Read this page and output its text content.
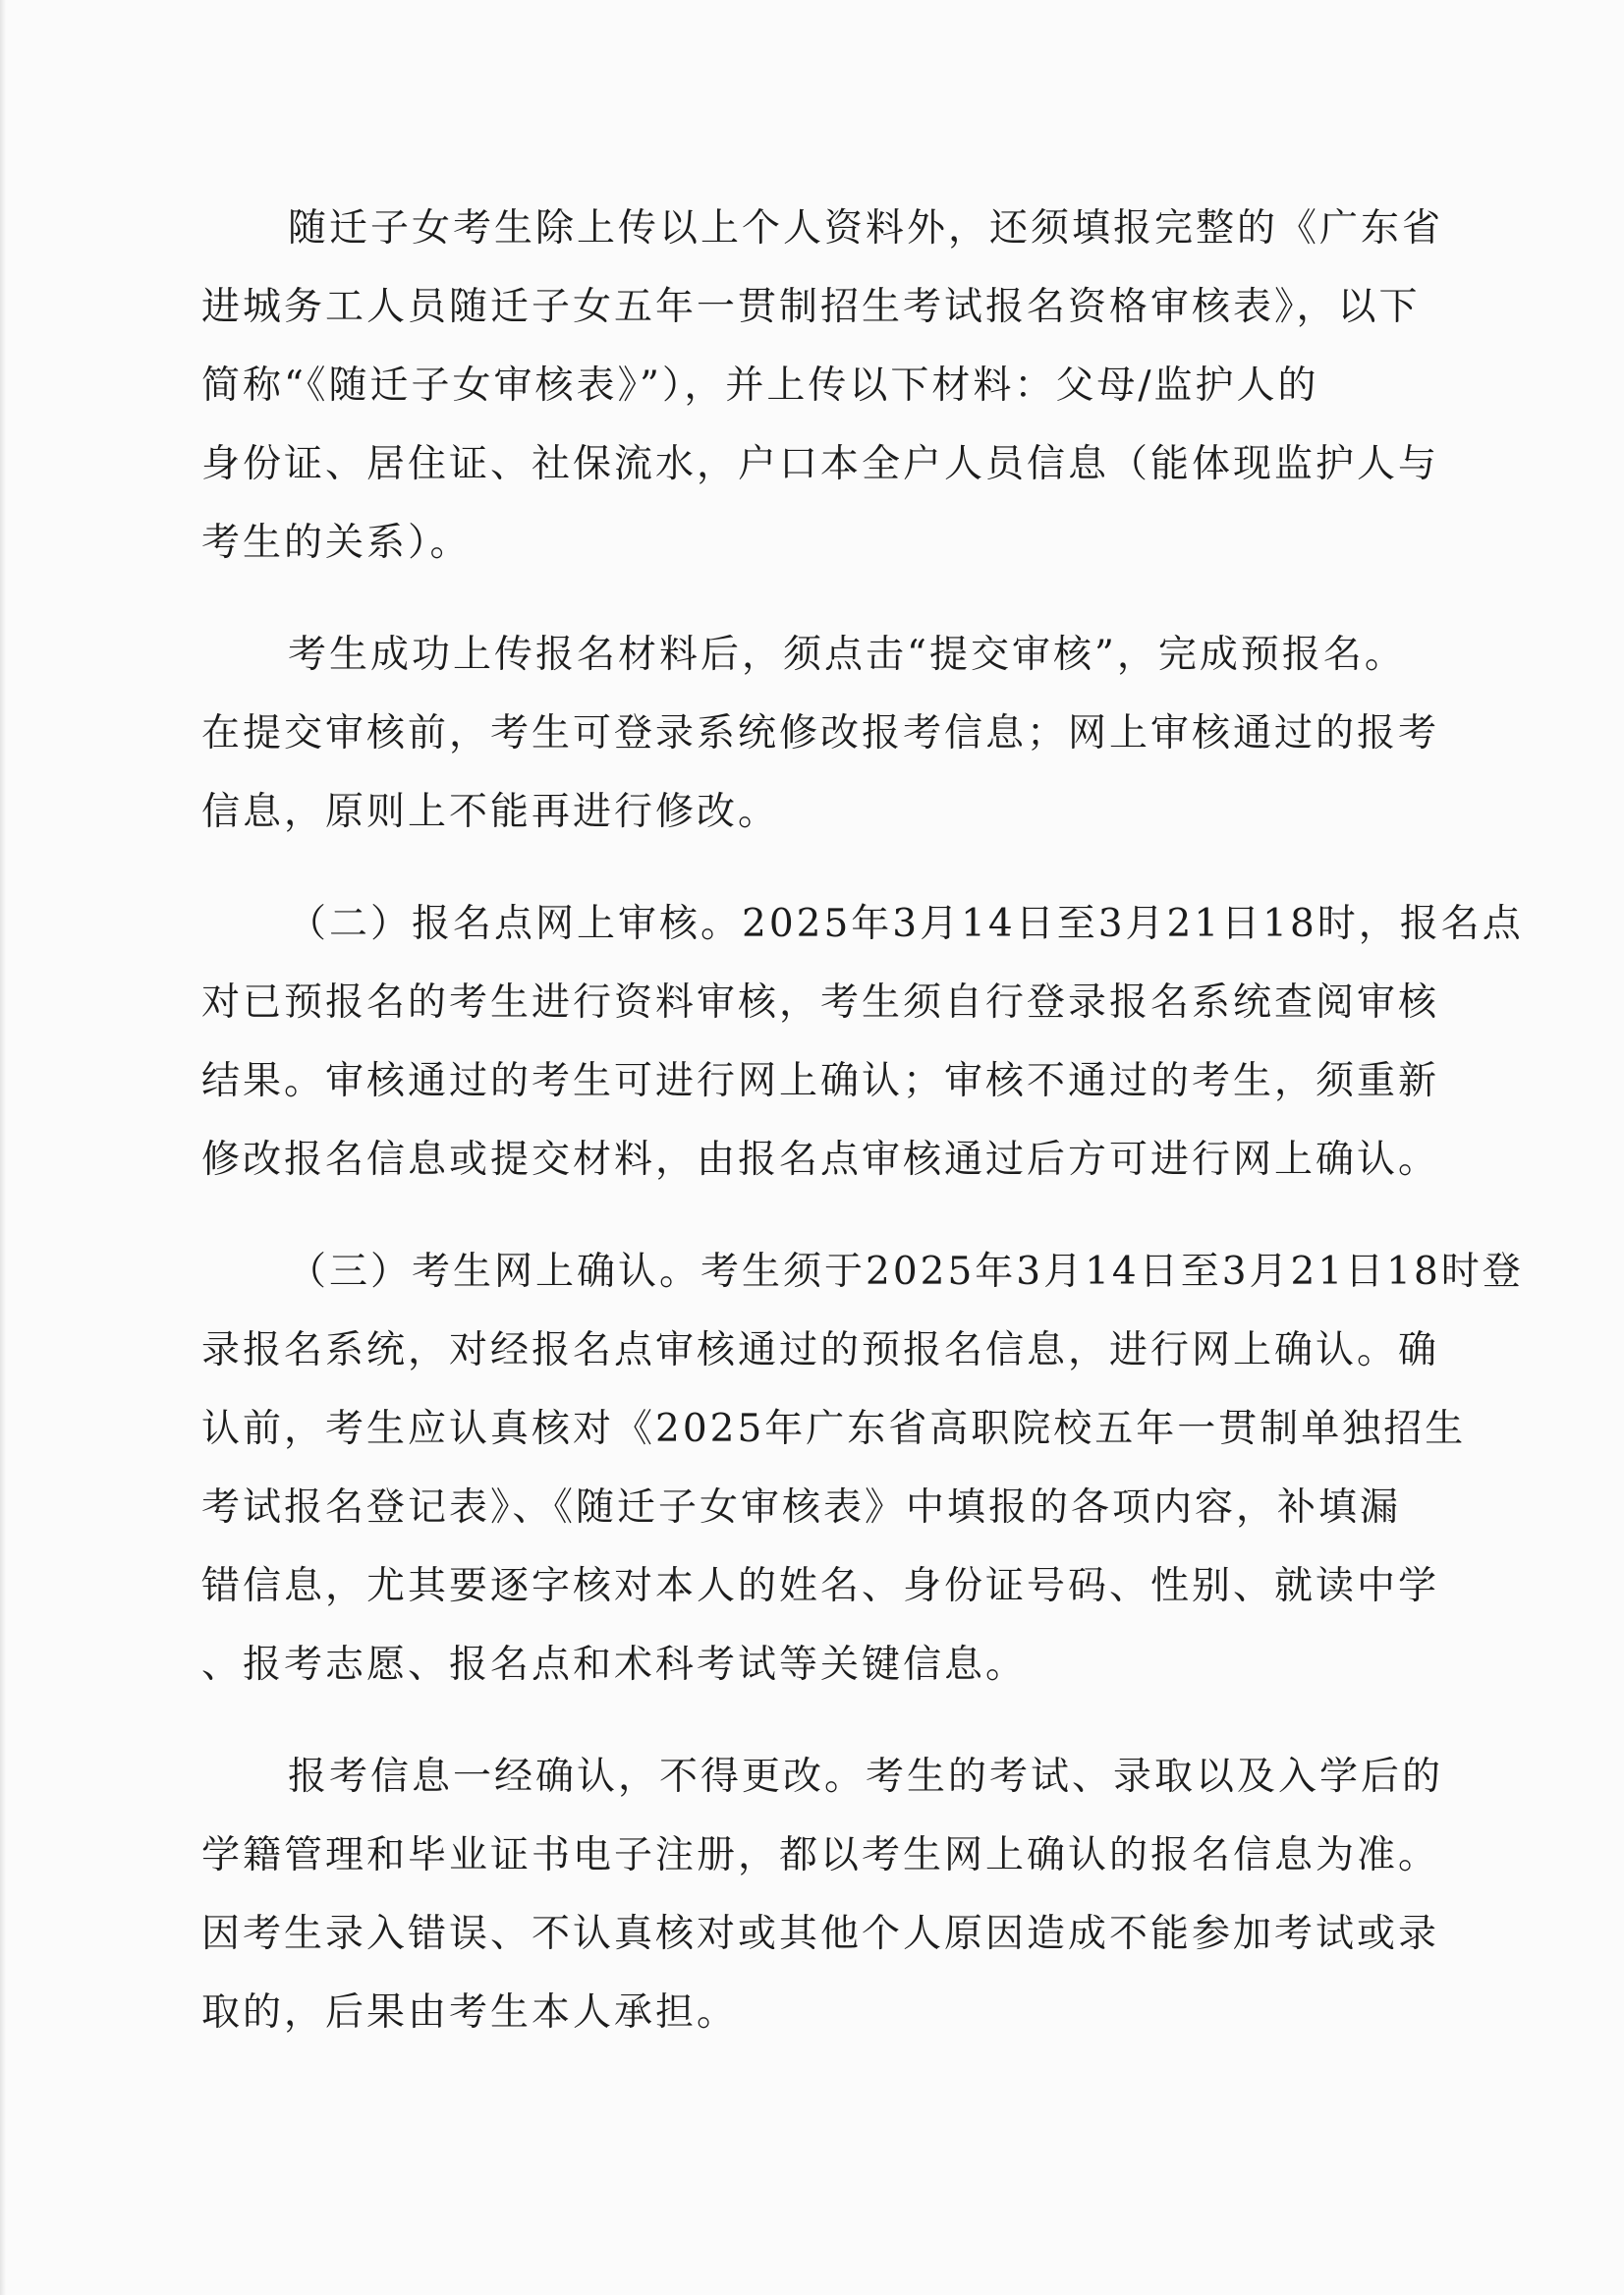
随迁子女考生除上传以上个人资料外，还须填报完整的《广东省
进城务工人员随迁子女五年一贯制招生考试报名资格审核表》，以下
简称“《随迁子女审核表》”），并上传以下材料：父母/监护人的
身份证、居住证、社保流水，户口本全户人员信息（能体现监护人与
考生的关系）。
考生成功上传报名材料后，须点击“提交审核”，完成预报名。
在提交审核前，考生可登录系统修改报考信息；网上审核通过的报考
信息，原则上不能再进行修改。
（二）报名点网上审核。2025年3月14日至3月21日18时，报名点
对已预报名的考生进行资料审核，考生须自行登录报名系统查阅审核
结果。审核通过的考生可进行网上确认；审核不通过的考生，须重新
修改报名信息或提交材料，由报名点审核通过后方可进行网上确认。
（三）考生网上确认。考生须于2025年3月14日至3月21日18时登
录报名系统，对经报名点审核通过的预报名信息，进行网上确认。确
认前，考生应认真核对《2025年广东省高职院校五年一贯制单独招生
考试报名登记表》、《随迁子女审核表》中填报的各项内容，补填漏
错信息，尤其要逐字核对本人的姓名、身份证号码、性别、就读中学
、报考志愿、报名点和术科考试等关键信息。
报考信息一经确认，不得更改。考生的考试、录取以及入学后的
学籍管理和毕业证书电子注册，都以考生网上确认的报名信息为准。
因考生录入错误、不认真核对或其他个人原因造成不能参加考试或录
取的，后果由考生本人承担。
